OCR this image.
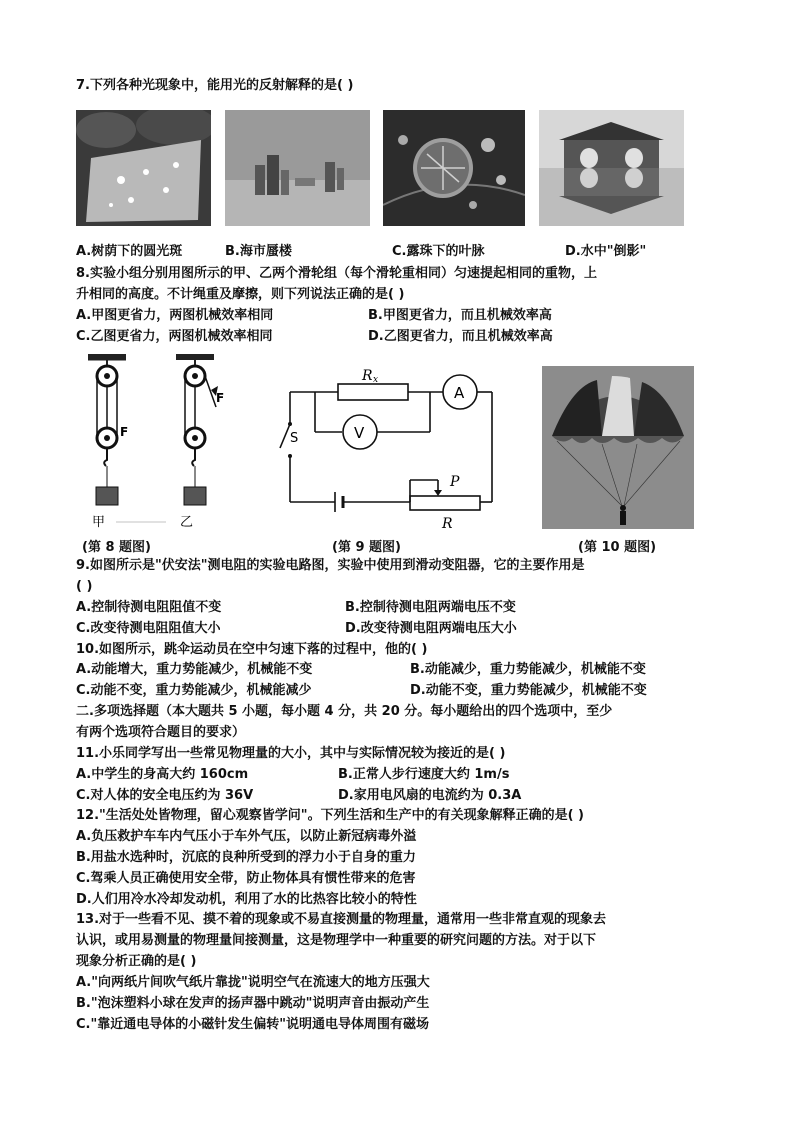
7.下列各种光现象中，能用光的反射解释的是( )
A.树荫下的圆光斑	B.海市蜃楼	C.露珠下的叶脉	D.水中"倒影"
8.实验小组分别用图所示的甲、乙两个滑轮组（每个滑轮重相同）匀速提起相同的重物，上
升相同的高度。不计绳重及摩擦，则下列说法正确的是( )
A.甲图更省力，两图机械效率相同	B.甲图更省力，而且机械效率高
C.乙图更省力，两图机械效率相同	D.乙图更省力，而且机械效率高
F
F
甲	乙
R x
A
V
S
P
R
(第 8 题图)	(第 9 题图)	(第 10 题图)
9.如图所示是"伏安法"测电阻的实验电路图，实验中使用到滑动变阻器，它的主要作用是
( )
A.控制待测电阻阻值不变	B.控制待测电阻两端电压不变
C.改变待测电阻阻值大小	D.改变待测电阻两端电压大小
10.如图所示，跳伞运动员在空中匀速下落的过程中，他的( )
A.动能增大，重力势能减少，机械能不变	B.动能减少，重力势能减少，机械能不变
C.动能不变，重力势能减少，机械能减少	D.动能不变，重力势能减少，机械能不变
二.多项选择题（本大题共 5 小题，每小题 4 分，共 20 分。每小题给出的四个选项中，至少
有两个选项符合题目的要求）
11.小乐同学写出一些常见物理量的大小，其中与实际情况较为接近的是( )
A.中学生的身高大约 160cm	B.正常人步行速度大约 1m/s
C.对人体的安全电压约为 36V	D.家用电风扇的电流约为 0.3A
12."生活处处皆物理，留心观察皆学问"。下列生活和生产中的有关现象解释正确的是( )
A.负压救护车车内气压小于车外气压，以防止新冠病毒外溢
B.用盐水选种时，沉底的良种所受到的浮力小于自身的重力
C.驾乘人员正确使用安全带，防止物体具有惯性带来的危害
D.人们用冷水冷却发动机，利用了水的比热容比较小的特性
13.对于一些看不见、摸不着的现象或不易直接测量的物理量，通常用一些非常直观的现象去
认识，或用易测量的物理量间接测量，这是物理学中一种重要的研究问题的方法。对于以下
现象分析正确的是( )
A."向两纸片间吹气纸片靠拢"说明空气在流速大的地方压强大
B."泡沫塑料小球在发声的扬声器中跳动"说明声音由振动产生
C."靠近通电导体的小磁针发生偏转"说明通电导体周围有磁场
